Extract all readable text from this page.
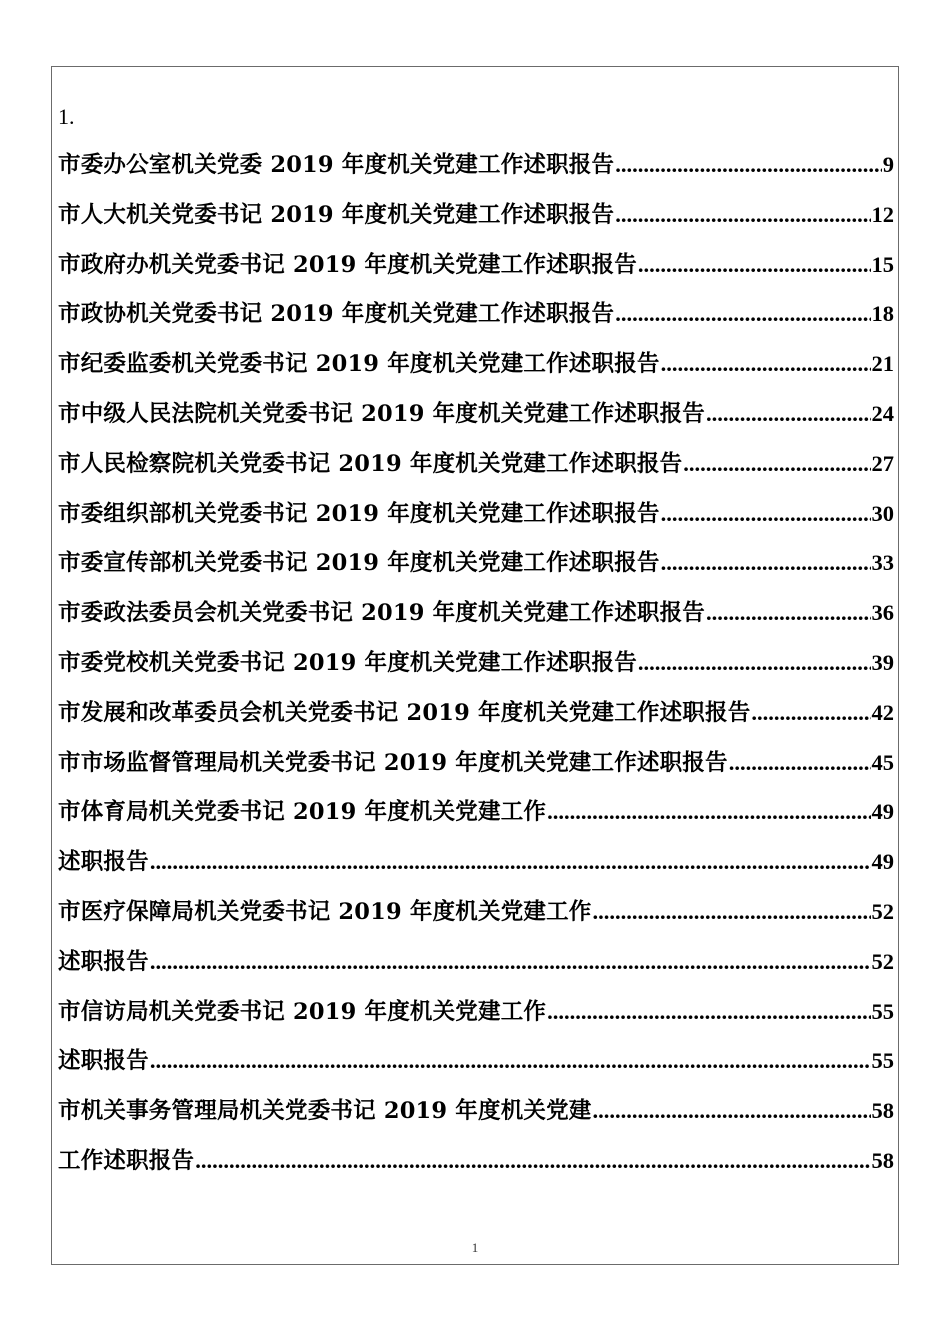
1.
市委办公室机关党委 2019 年度机关党建工作述职报告 .....	9
市人大机关党委书记 2019 年度机关党建工作述职报告 .....	12
市政府办机关党委书记 2019 年度机关党建工作述职报告 .....	15
市政协机关党委书记 2019 年度机关党建工作述职报告 .....	18
市纪委监委机关党委书记 2019 年度机关党建工作述职报告 .....	21
市中级人民法院机关党委书记 2019 年度机关党建工作述职报告 .....	24
市人民检察院机关党委书记 2019 年度机关党建工作述职报告 .....	27
市委组织部机关党委书记 2019 年度机关党建工作述职报告 .....	30
市委宣传部机关党委书记 2019 年度机关党建工作述职报告 .....	33
市委政法委员会机关党委书记 2019 年度机关党建工作述职报告 .....	36
市委党校机关党委书记 2019 年度机关党建工作述职报告 .....	39
市发展和改革委员会机关党委书记 2019 年度机关党建工作述职报告 .....	42
市市场监督管理局机关党委书记 2019 年度机关党建工作述职报告 .....	45
市体育局机关党委书记 2019 年度机关党建工作 .....	49
述职报告 .....	49
市医疗保障局机关党委书记 2019 年度机关党建工作 .....	52
述职报告 .....	52
市信访局机关党委书记 2019 年度机关党建工作 .....	55
述职报告 .....	55
市机关事务管理局机关党委书记 2019 年度机关党建 .....	58
工作述职报告 .....	58
1
